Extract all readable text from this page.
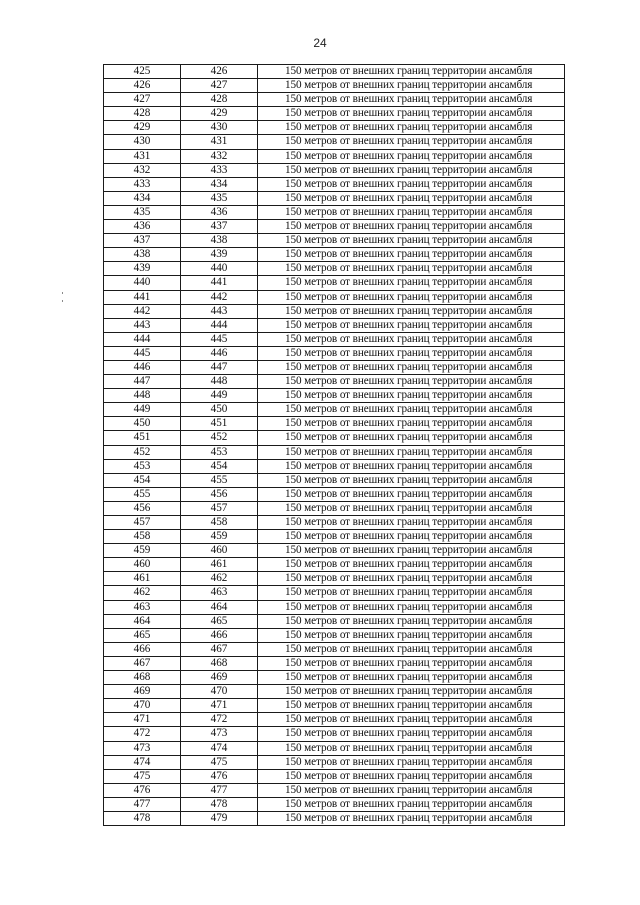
24
425	426	150 метров от внешних границ территории ансамбля
426	427	150 метров от внешних границ территории ансамбля
427	428	150 метров от внешних границ территории ансамбля
428	429	150 метров от внешних границ территории ансамбля
429	430	150 метров от внешних границ территории ансамбля
430	431	150 метров от внешних границ территории ансамбля
431	432	150 метров от внешних границ территории ансамбля
432	433	150 метров от внешних границ территории ансамбля
433	434	150 метров от внешних границ территории ансамбля
434	435	150 метров от внешних границ территории ансамбля
435	436	150 метров от внешних границ территории ансамбля
436	437	150 метров от внешних границ территории ансамбля
437	438	150 метров от внешних границ территории ансамбля
438	439	150 метров от внешних границ территории ансамбля
439	440	150 метров от внешних границ территории ансамбля
440	441	150 метров от внешних границ территории ансамбля
441	442	150 метров от внешних границ территории ансамбля
442	443	150 метров от внешних границ территории ансамбля
443	444	150 метров от внешних границ территории ансамбля
444	445	150 метров от внешних границ территории ансамбля
445	446	150 метров от внешних границ территории ансамбля
446	447	150 метров от внешних границ территории ансамбля
447	448	150 метров от внешних границ территории ансамбля
448	449	150 метров от внешних границ территории ансамбля
449	450	150 метров от внешних границ территории ансамбля
450	451	150 метров от внешних границ территории ансамбля
451	452	150 метров от внешних границ территории ансамбля
452	453	150 метров от внешних границ территории ансамбля
453	454	150 метров от внешних границ территории ансамбля
454	455	150 метров от внешних границ территории ансамбля
455	456	150 метров от внешних границ территории ансамбля
456	457	150 метров от внешних границ территории ансамбля
457	458	150 метров от внешних границ территории ансамбля
458	459	150 метров от внешних границ территории ансамбля
459	460	150 метров от внешних границ территории ансамбля
460	461	150 метров от внешних границ территории ансамбля
461	462	150 метров от внешних границ территории ансамбля
462	463	150 метров от внешних границ территории ансамбля
463	464	150 метров от внешних границ территории ансамбля
464	465	150 метров от внешних границ территории ансамбля
465	466	150 метров от внешних границ территории ансамбля
466	467	150 метров от внешних границ территории ансамбля
467	468	150 метров от внешних границ территории ансамбля
468	469	150 метров от внешних границ территории ансамбля
469	470	150 метров от внешних границ территории ансамбля
470	471	150 метров от внешних границ территории ансамбля
471	472	150 метров от внешних границ территории ансамбля
472	473	150 метров от внешних границ территории ансамбля
473	474	150 метров от внешних границ территории ансамбля
474	475	150 метров от внешних границ территории ансамбля
475	476	150 метров от внешних границ территории ансамбля
476	477	150 метров от внешних границ территории ансамбля
477	478	150 метров от внешних границ территории ансамбля
478	479	150 метров от внешних границ территории ансамбля
